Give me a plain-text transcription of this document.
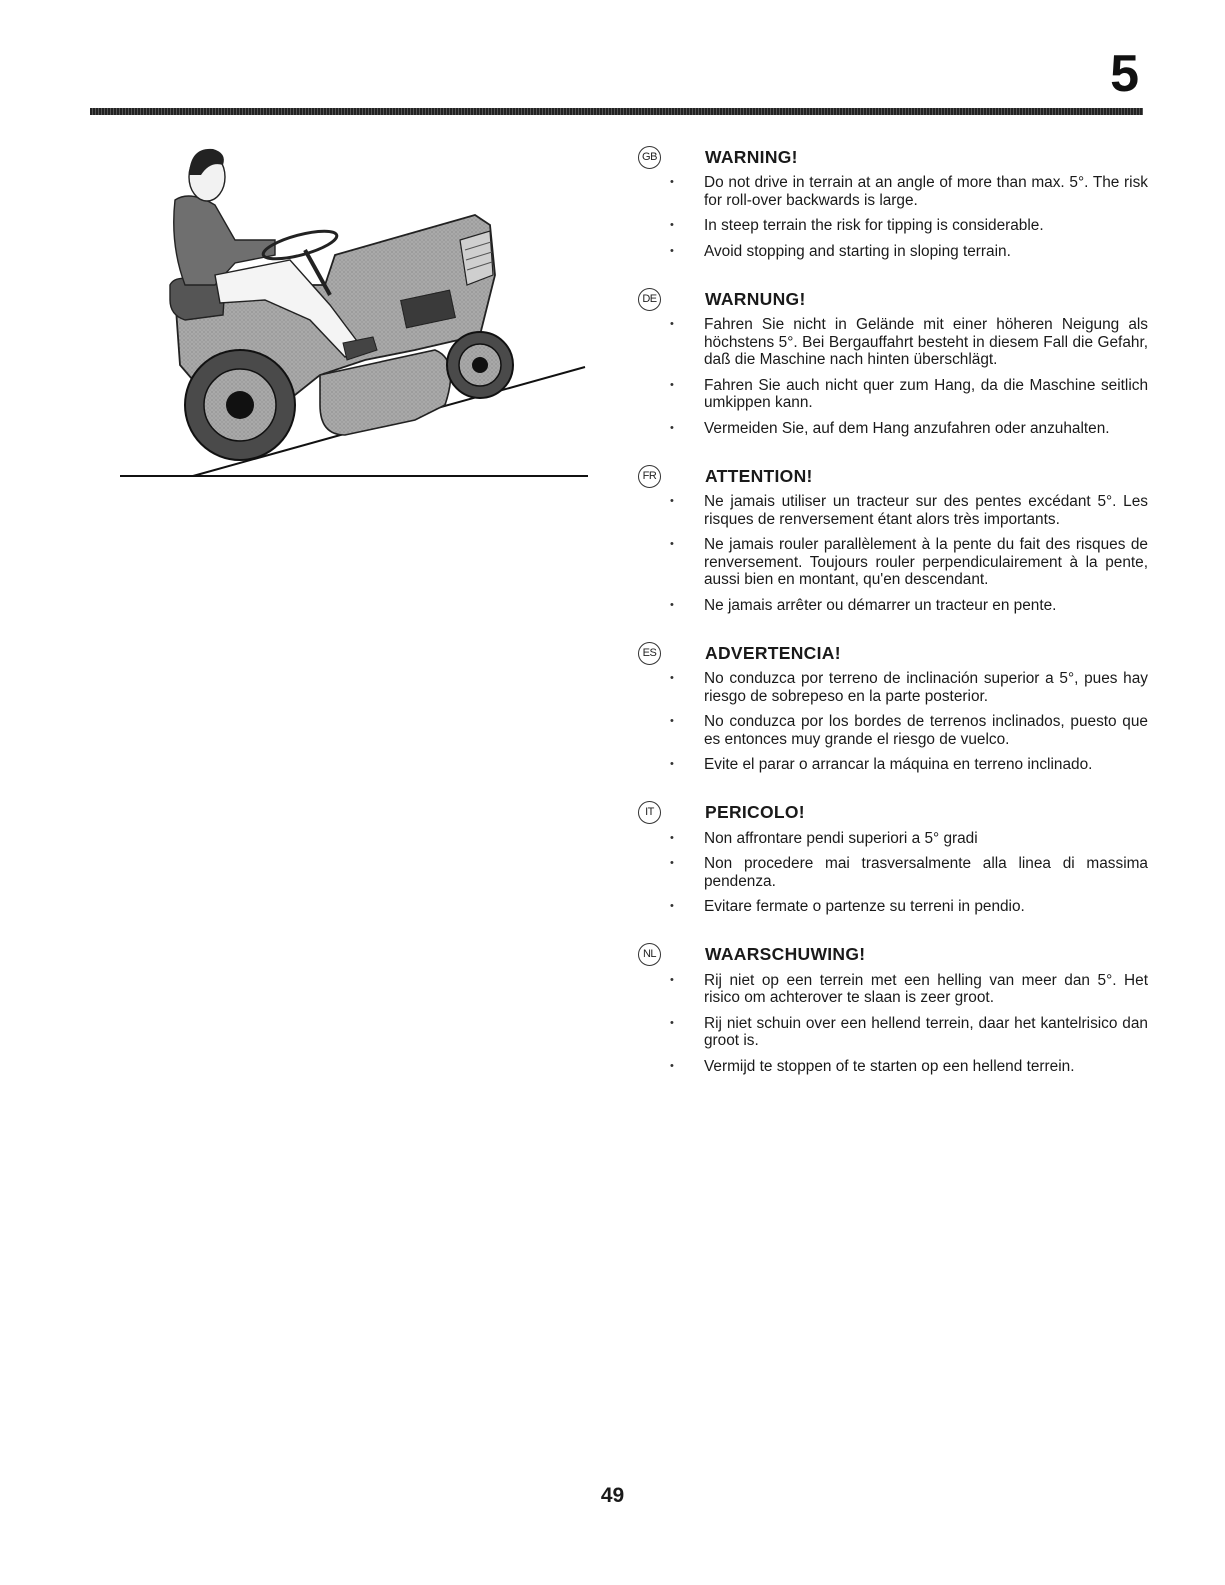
5
GB	WARNING!
• Do not drive in terrain at an angle of more than max. 5°. The risk for roll-over backwards is large.
• In steep terrain the risk for tipping is considerable.
• Avoid stopping and starting in sloping terrain.
DE	WARNUNG!
• Fahren Sie nicht in Gelände mit einer höheren Neigung als höchstens 5°. Bei Bergauffahrt besteht in diesem Fall die Gefahr, daß die Maschine nach hinten überschlägt.
• Fahren Sie auch nicht quer zum Hang, da die Maschine seitlich umkippen kann.
• Vermeiden Sie, auf dem Hang anzufahren oder anzuhalten.
FR	ATTENTION!
• Ne jamais utiliser un tracteur sur des pentes excédant 5°. Les risques de renversement étant alors très importants.
• Ne jamais rouler parallèlement à la pente du fait des risques de renversement. Toujours rouler perpendiculairement à la pente, aussi bien en montant, qu'en descendant.
• Ne jamais arrêter ou démarrer un tracteur en pente.
ES	ADVERTENCIA!
• No conduzca por terreno de inclinación superior a 5°, pues hay riesgo de sobrepeso en la parte posterior.
• No conduzca por los bordes de terrenos inclinados, puesto que es entonces muy grande el riesgo de vuelco.
• Evite el parar o arrancar la máquina en terreno inclinado.
IT	PERICOLO!
• Non affrontare pendi superiori a 5° gradi
• Non procedere mai trasversalmente alla linea di massima pendenza.
• Evitare fermate o partenze su terreni in pendio.
NL	WAARSCHUWING!
• Rij niet op een terrein met een helling van meer dan 5°. Het risico om achterover te slaan is zeer groot.
• Rij niet schuin over een hellend terrein, daar het kantelrisico dan groot is.
• Vermijd te stoppen of te starten op een hellend terrein.
49
